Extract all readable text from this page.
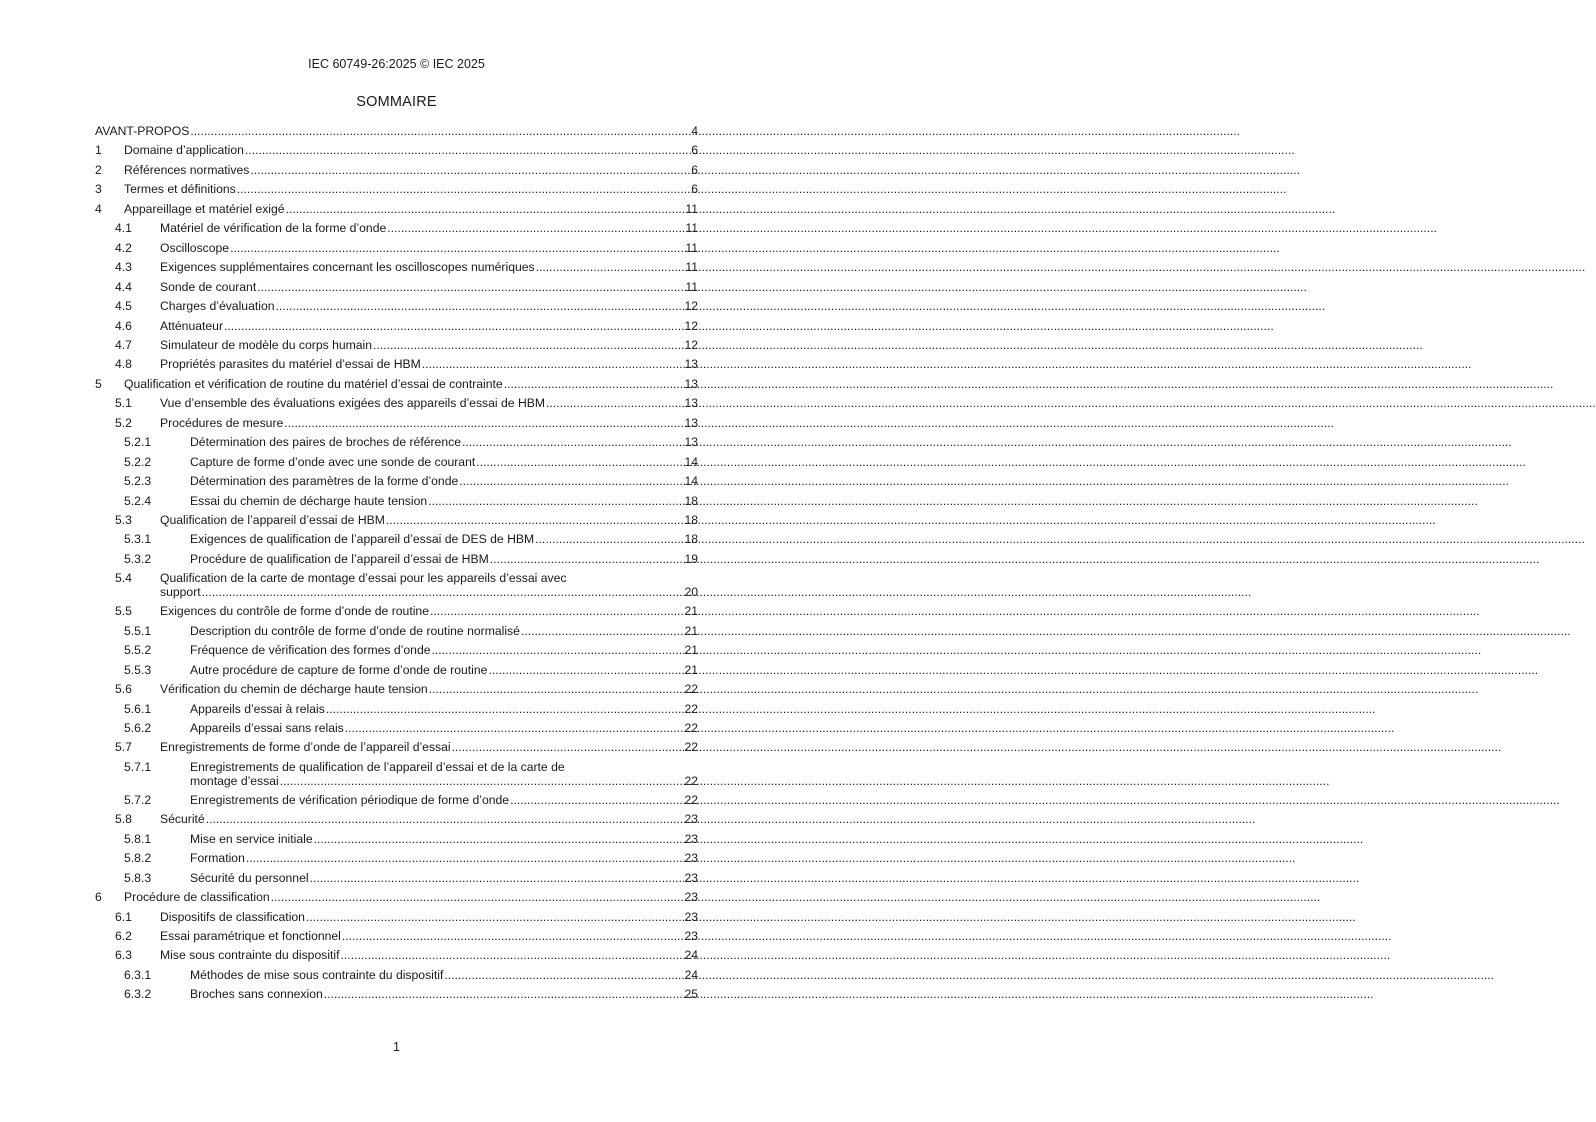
IEC 60749-26:2025 © IEC 2025
SOMMAIRE
AVANT-PROPOS .....	4
1	Domaine d’application .....	6
2	Références normatives .....	6
3	Termes et définitions .....	6
4	Appareillage et matériel exigé .....	11
4.1	Matériel de vérification de la forme d’onde .....	11
4.2	Oscilloscope .....	11
4.3	Exigences supplémentaires concernant les oscilloscopes numériques .....	11
4.4	Sonde de courant .....	11
4.5	Charges d’évaluation .....	12
4.6	Atténuateur .....	12
4.7	Simulateur de modèle du corps humain .....	12
4.8	Propriétés parasites du matériel d’essai de HBM .....	13
5	Qualification et vérification de routine du matériel d’essai de contrainte .....	13
5.1	Vue d’ensemble des évaluations exigées des appareils d’essai de HBM .....	13
5.2	Procédures de mesure .....	13
5.2.1	Détermination des paires de broches de référence .....	13
5.2.2	Capture de forme d’onde avec une sonde de courant .....	14
5.2.3	Détermination des paramètres de la forme d’onde .....	14
5.2.4	Essai du chemin de décharge haute tension .....	18
5.3	Qualification de l’appareil d’essai de HBM .....	18
5.3.1	Exigences de qualification de l’appareil d’essai de DES de HBM .....	18
5.3.2	Procédure de qualification de l’appareil d’essai de HBM .....	19
5.4	Qualification de la carte de montage d’essai pour les appareils d’essai avec
support .....	20
5.5	Exigences du contrôle de forme d’onde de routine .....	21
5.5.1	Description du contrôle de forme d’onde de routine normalisé .....	21
5.5.2	Fréquence de vérification des formes d’onde .....	21
5.5.3	Autre procédure de capture de forme d’onde de routine .....	21
5.6	Vérification du chemin de décharge haute tension .....	22
5.6.1	Appareils d’essai à relais .....	22
5.6.2	Appareils d’essai sans relais .....	22
5.7	Enregistrements de forme d’onde de l’appareil d’essai .....	22
5.7.1	Enregistrements de qualification de l’appareil d’essai et de la carte de
montage d’essai .....	22
5.7.2	Enregistrements de vérification périodique de forme d’onde .....	22
5.8	Sécurité .....	23
5.8.1	Mise en service initiale .....	23
5.8.2	Formation .....	23
5.8.3	Sécurité du personnel .....	23
6	Procédure de classification .....	23
6.1	Dispositifs de classification .....	23
6.2	Essai paramétrique et fonctionnel .....	23
6.3	Mise sous contrainte du dispositif .....	24
6.3.1	Méthodes de mise sous contrainte du dispositif .....	24
6.3.2	Broches sans connexion .....	25
1
